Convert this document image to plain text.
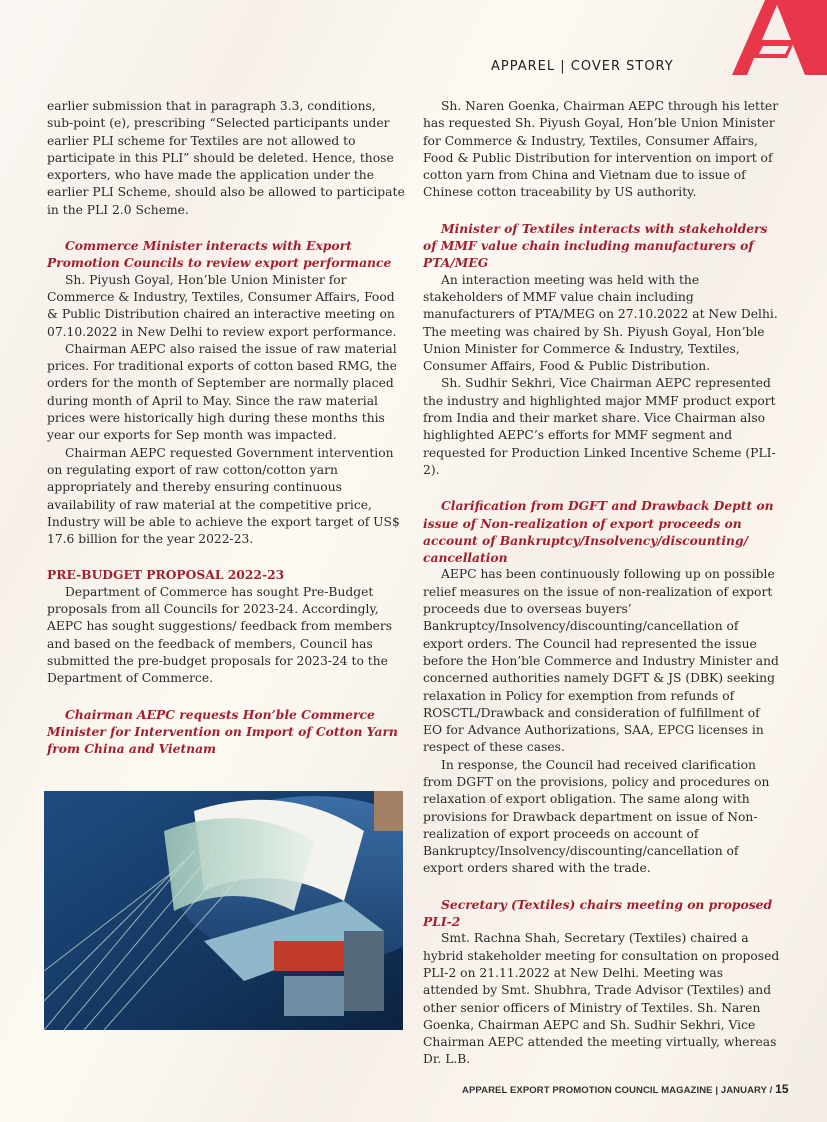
APPAREL | COVER STORY

earlier submission that in paragraph 3.3, conditions, sub-point (e), prescribing “Selected participants under earlier PLI scheme for Textiles are not allowed to participate in this PLI” should be deleted. Hence, those exporters, who have made the application under the earlier PLI Scheme, should also be allowed to participate in the PLI 2.0 Scheme.

Commerce Minister interacts with Export Promotion Councils to review export performance

Sh. Piyush Goyal, Hon’ble Union Minister for Commerce & Industry, Textiles, Consumer Affairs, Food & Public Distribution chaired an interactive meeting on 07.10.2022 in New Delhi to review export performance.

Chairman AEPC also raised the issue of raw material prices. For traditional exports of cotton based RMG, the orders for the month of September are normally placed during month of April to May. Since the raw material prices were historically high during these months this year our exports for Sep month was impacted.

Chairman AEPC requested Government intervention on regulating export of raw cotton/cotton yarn appropriately and thereby ensuring continuous availability of raw material at the competitive price, Industry will be able to achieve the export target of US$ 17.6 billion for the year 2022-23.

PRE-BUDGET PROPOSAL 2022-23

Department of Commerce has sought Pre-Budget proposals from all Councils for 2023-24. Accordingly, AEPC has sought suggestions/ feedback from members and based on the feedback of members, Council has submitted the pre-budget proposals for 2023-24 to the Department of Commerce.

Chairman AEPC requests Hon’ble Commerce Minister for Intervention on Import of Cotton Yarn from China and Vietnam

Sh. Naren Goenka, Chairman AEPC through his letter has requested Sh. Piyush Goyal, Hon’ble Union Minister for Commerce & Industry, Textiles, Consumer Affairs, Food & Public Distribution for intervention on import of cotton yarn from China and Vietnam due to issue of Chinese cotton traceability by US authority.

Minister of Textiles interacts with stakeholders of MMF value chain including manufacturers of PTA/MEG

An interaction meeting was held with the stakeholders of MMF value chain including manufacturers of PTA/MEG on 27.10.2022 at New Delhi. The meeting was chaired by Sh. Piyush Goyal, Hon’ble Union Minister for Commerce & Industry, Textiles, Consumer Affairs, Food & Public Distribution.

Sh. Sudhir Sekhri, Vice Chairman AEPC represented the industry and highlighted major MMF product export from India and their market share. Vice Chairman also highlighted AEPC’s efforts for MMF segment and requested for Production Linked Incentive Scheme (PLI-2).

Clarification from DGFT and Drawback Deptt on issue of Non-realization of export proceeds on account of Bankruptcy/Insolvency/discounting/ cancellation

AEPC has been continuously following up on possible relief measures on the issue of non-realization of export proceeds due to overseas buyers’ Bankruptcy/Insolvency/discounting/cancellation of export orders. The Council had represented the issue before the Hon’ble Commerce and Industry Minister and concerned authorities namely DGFT & JS (DBK) seeking relaxation in Policy for exemption from refunds of ROSCTL/Drawback and consideration of fulfillment of EO for Advance Authorizations, SAA, EPCG licenses in respect of these cases.

In response, the Council had received clarification from DGFT on the provisions, policy and procedures on relaxation of export obligation. The same along with provisions for Drawback department on issue of Non-realization of export proceeds on account of Bankruptcy/Insolvency/discounting/cancellation of export orders shared with the trade.

Secretary (Textiles) chairs meeting on proposed PLI-2

Smt. Rachna Shah, Secretary (Textiles) chaired a hybrid stakeholder meeting for consultation on proposed PLI-2 on 21.11.2022 at New Delhi. Meeting was attended by Smt. Shubhra, Trade Advisor (Textiles) and other senior officers of Ministry of Textiles. Sh. Naren Goenka, Chairman AEPC and Sh. Sudhir Sekhri, Vice Chairman AEPC attended the meeting virtually, whereas Dr. L.B.

APPAREL EXPORT PROMOTION COUNCIL MAGAZINE | JANUARY / 15
